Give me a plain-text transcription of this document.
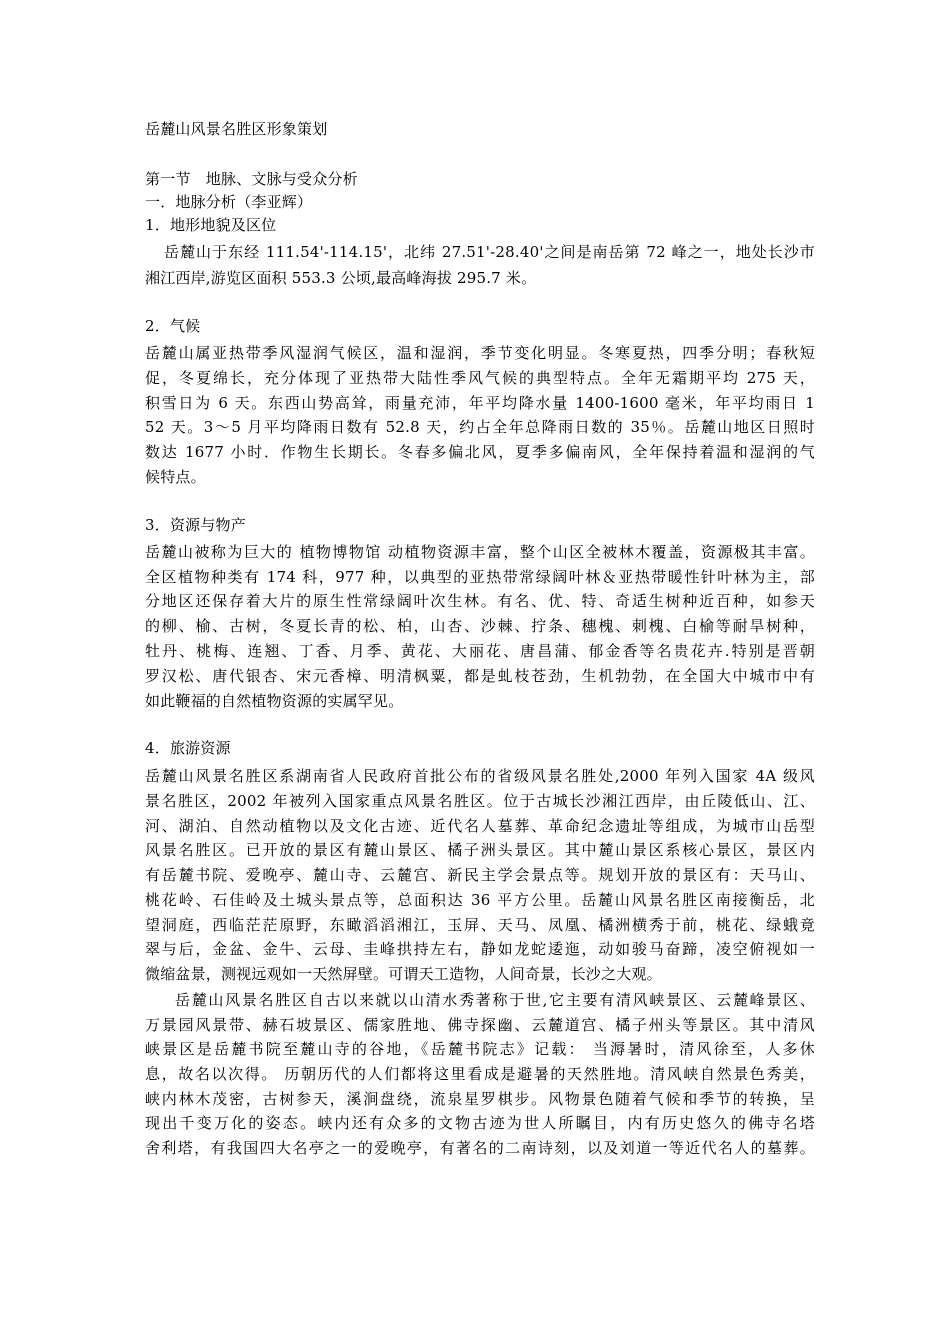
岳麓山风景名胜区形象策划
第一节　地脉、文脉与受众分析
一．地脉分析（李亚辉）
1．地形地貌及区位
岳麓山于东经 111.54'-114.15'，北纬 27.51'-28.40'之间是南岳第 72 峰之一，地处长沙市
湘江西岸,游览区面积 553.3 公顷,最高峰海拔 295.7 米。
2．气候
岳麓山属亚热带季风湿润气候区，温和湿润，季节变化明显。冬寒夏热，四季分明；春秋短
促，冬夏绵长，充分体现了亚热带大陆性季风气候的典型特点。全年无霜期平均 275 天，
积雪日为 6 天。东西山势高耸，雨量充沛，年平均降水量 1400-1600 毫米，年平均雨日 1
52 天。3～5 月平均降雨日数有 52.8 天，约占全年总降雨日数的 35％。岳麓山地区日照时
数达 1677 小时．作物生长期长。冬春多偏北风，夏季多偏南风，全年保持着温和湿润的气
候特点。
3．资源与物产
岳麓山被称为巨大的 植物博物馆 动植物资源丰富，整个山区全被林木覆盖，资源极其丰富。
全区植物种类有 174 科，977 种，以典型的亚热带常绿阔叶林＆亚热带暖性针叶林为主，部
分地区还保存着大片的原生性常绿阔叶次生林。有名、优、特、奇适生树种近百种，如参天
的柳、榆、古树，冬夏长青的松、柏，山杏、沙棘、拧条、穗槐、刺槐、白榆等耐旱树种，
牡丹、桃梅、连翘、丁香、月季、黄花、大丽花、唐昌蒲、郁金香等名贵花卉.特别是晋朝
罗汉松、唐代银杏、宋元香樟、明清枫粟，都是虬枝苍劲，生机勃勃，在全国大中城市中有
如此鞭福的自然植物资源的实属罕见。
4．旅游资源
岳麓山风景名胜区系湖南省人民政府首批公布的省级风景名胜处,2000 年列入国家 4A 级风
景名胜区，2002 年被列入国家重点风景名胜区。位于古城长沙湘江西岸，由丘陵低山、江、
河、湖泊、自然动植物以及文化古迹、近代名人墓葬、革命纪念遗址等组成，为城市山岳型
风景名胜区。已开放的景区有麓山景区、橘子洲头景区。其中麓山景区系核心景区，景区内
有岳麓书院、爱晚亭、麓山寺、云麓宫、新民主学会景点等。规划开放的景区有：天马山、
桃花岭、石佳岭及土城头景点等，总面积达 36 平方公里。岳麓山风景名胜区南接衡岳，北
望洞庭，西临茫茫原野，东瞰滔滔湘江，玉屏、天马、凤凰、橘洲横秀于前，桃花、绿蛾竟
翠与后，金盆、金牛、云母、圭峰拱持左右，静如龙蛇逶迤，动如骏马奋蹄，凌空俯视如一
微缩盆景，测视远观如一天然屏壁。可谓天工造物，人间奇景，长沙之大观。
岳麓山风景名胜区自古以来就以山清水秀著称于世,它主要有清风峡景区、云麓峰景区、
万景园风景带、赫石坡景区、儒家胜地、佛寺探幽、云麓道宫、橘子州头等景区。其中清风
峡景区是岳麓书院至麓山寺的谷地，《岳麓书院志》记载： 当溽暑时，清风徐至，人多休
息，故名以次得。 历朝历代的人们都将这里看成是避暑的天然胜地。清风峡自然景色秀美，
峡内林木茂密，古树参天，溪涧盘绕，流泉星罗棋步。风物景色随着气候和季节的转换，呈
现出千变万化的姿态。峡内还有众多的文物古迹为世人所瞩目，内有历史悠久的佛寺名塔
舍利塔，有我国四大名亭之一的爱晚亭，有著名的二南诗刻，以及刘道一等近代名人的墓葬。
